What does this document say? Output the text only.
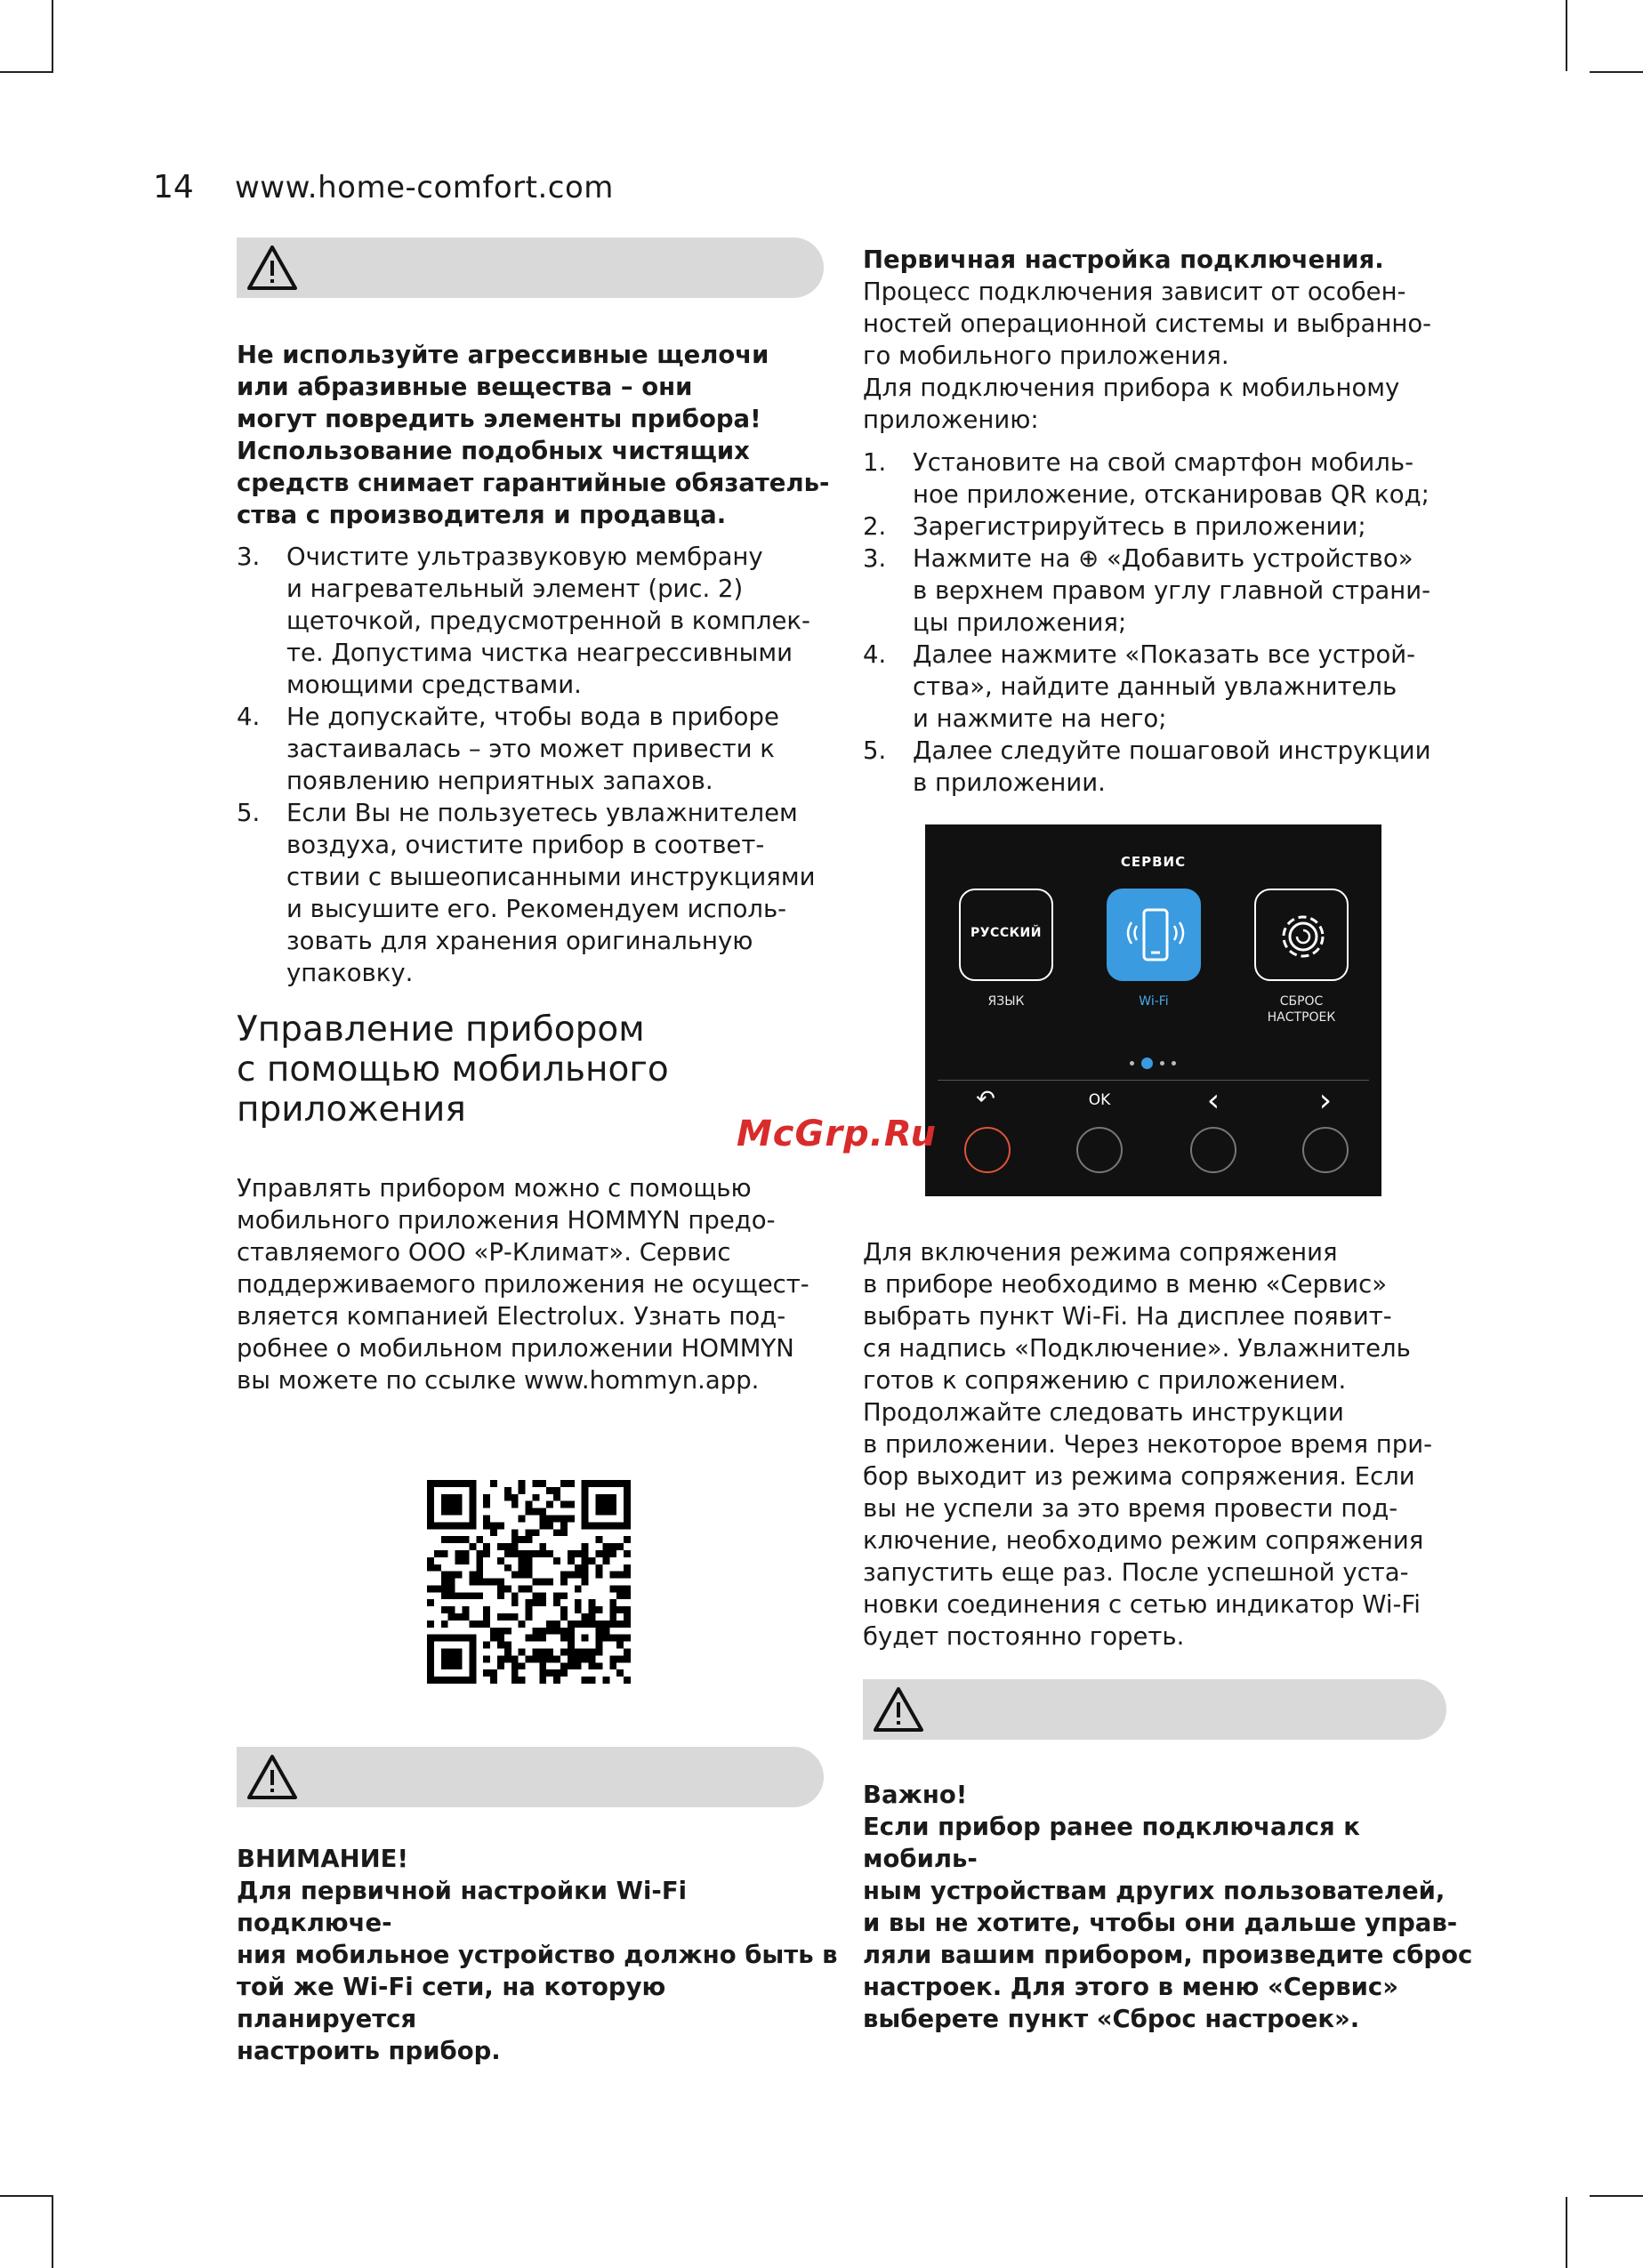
14	www.home-comfort.com
Не используйте агрессивные щелочи
или абразивные вещества – они
могут повредить элементы прибора!
Использование подобных чистящих
средств снимает гарантийные обязатель-
ства с производителя и продавца.
3.	Очистите ультразвуковую мембрану
и нагревательный элемент (рис. 2)
щеточкой, предусмотренной в комплек-
те. Допустима чистка неагрессивными
моющими средствами.
4.	Не допускайте, чтобы вода в приборе
застаивалась – это может привести к
появлению неприятных запахов.
5.	Если Вы не пользуетесь увлажнителем
воздуха, очистите прибор в соответ-
ствии с вышеописанными инструкциями
и высушите его. Рекомендуем исполь-
зовать для хранения оригинальную
упаковку.
Управление прибором
с помощью мобильного
приложения
Управлять прибором можно с помощью
мобильного приложения HOMMYN предо-
ставляемого ООО «Р-Климат». Сервис
поддерживаемого приложения не осущест-
вляется компанией Electrolux. Узнать под-
робнее о мобильном приложении HOMMYN
вы можете по ссылке www.hommyn.app.
ВНИМАНИЕ!
Для первичной настройки Wi-Fi подключе-
ния мобильное устройство должно быть в
той же Wi-Fi сети, на которую планируется
настроить прибор.
Первичная настройка подключения.
Процесс подключения зависит от особен-
ностей операционной системы и выбранно-
го мобильного приложения.
Для подключения прибора к мобильному
приложению:
1.	Установите на свой смартфон мобиль-
ное приложение, отсканировав QR код;
2.	Зарегистрируйтесь в приложении;
3.	Нажмите на ⊕ «Добавить устройство»
в верхнем правом углу главной страни-
цы приложения;
4.	Далее нажмите «Показать все устрой-
ства», найдите данный увлажнитель
и нажмите на него;
5.	Далее следуйте пошаговой инструкции
в приложении.
СЕРВИС
РУССКИЙ
ЯЗЫК	Wi-Fi	СБРОС
НАСТРОЕК
↶	OK	‹	›
McGrp.Ru
Для включения режима сопряжения
в приборе необходимо в меню «Сервис»
выбрать пункт Wi-Fi. На дисплее появит-
ся надпись «Подключение». Увлажнитель
готов к сопряжению с приложением.
Продолжайте следовать инструкции
в приложении. Через некоторое время при-
бор выходит из режима сопряжения. Если
вы не успели за это время провести под-
ключение, необходимо режим сопряжения
запустить еще раз. После успешной уста-
новки соединения с сетью индикатор Wi-Fi
будет постоянно гореть.
Важно!
Если прибор ранее подключался к мобиль-
ным устройствам других пользователей,
и вы не хотите, чтобы они дальше управ-
ляли вашим прибором, произведите сброс
настроек. Для этого в меню «Сервис»
выберете пункт «Сброс настроек».
